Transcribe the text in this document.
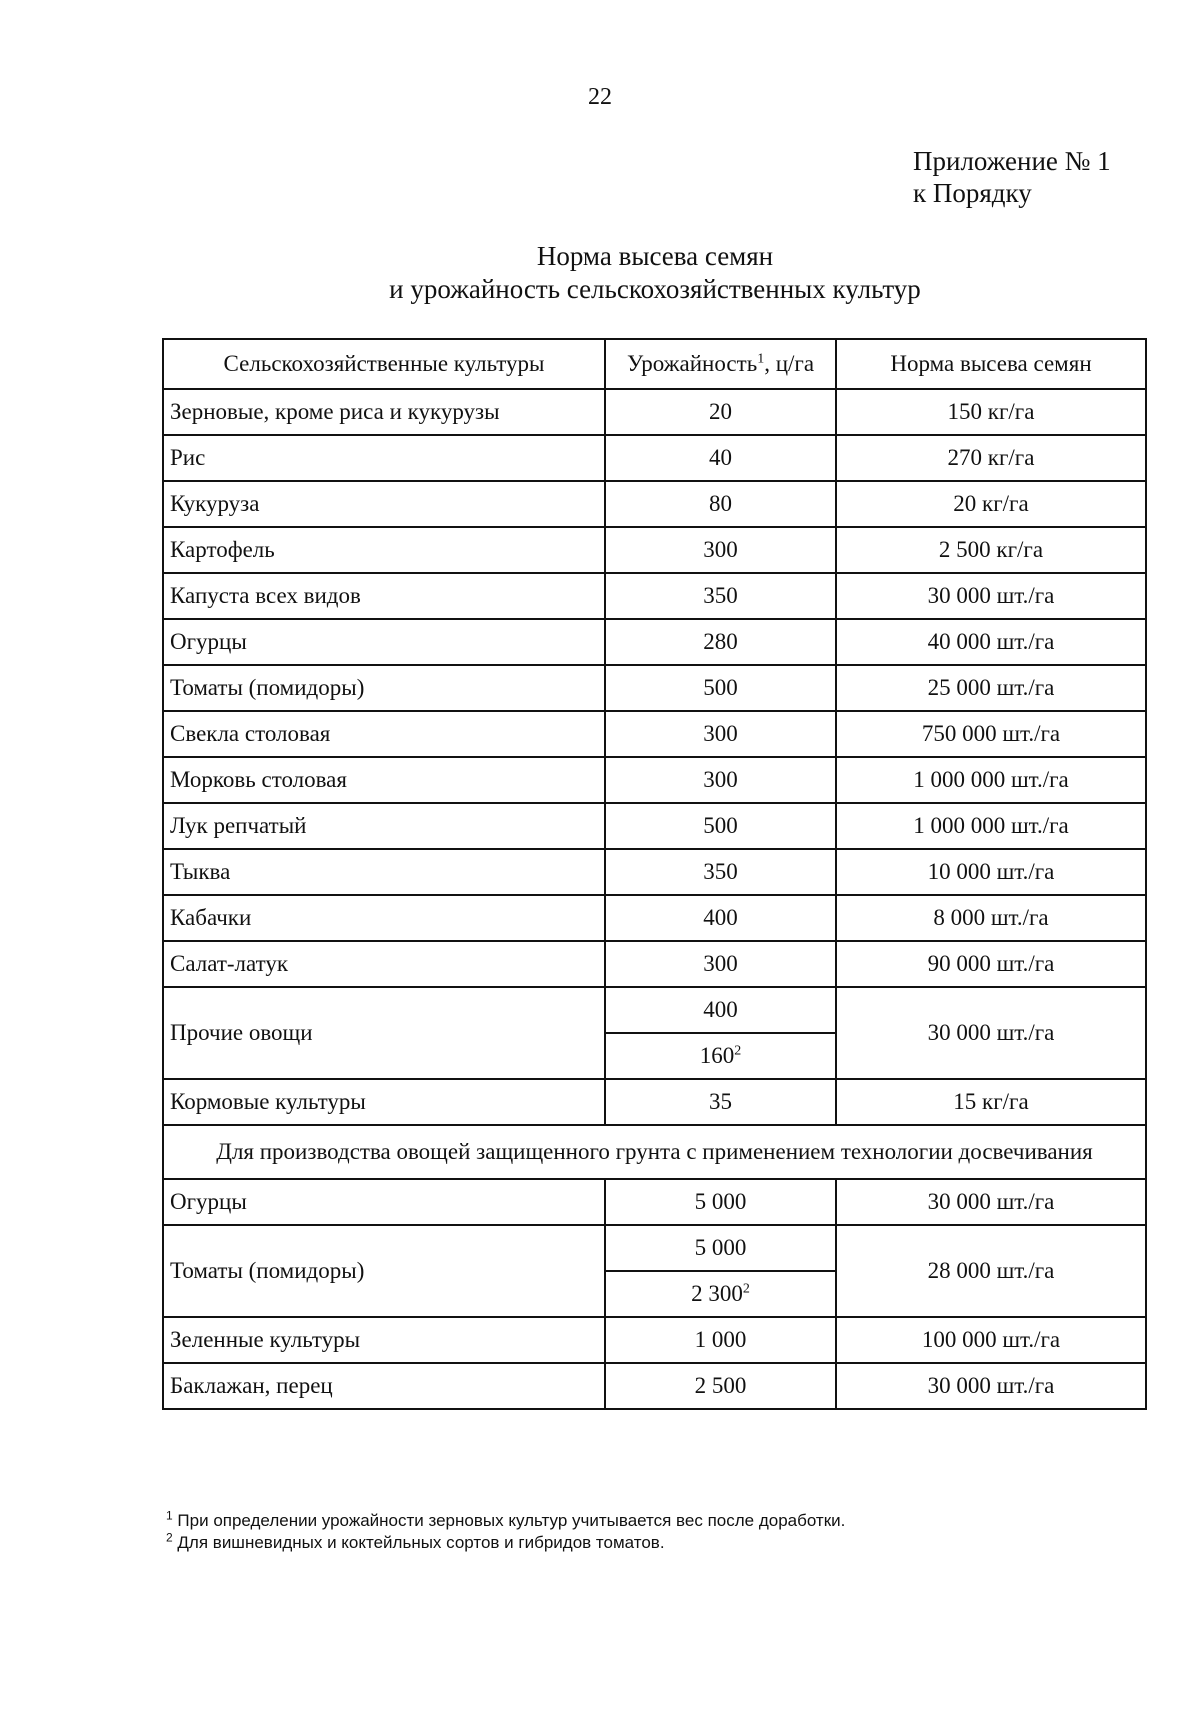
22
Приложение № 1
к Порядку
Норма высева семян
и урожайность сельскохозяйственных культур
Сельскохозяйственные культуры	Урожайность$^1$, ц/га	Норма высева семян
Зерновые, кроме риса и кукурузы	20	150 кг/га
Рис	40	270 кг/га
Кукуруза	80	20 кг/га
Картофель	300	2 500 кг/га
Капуста всех видов	350	30 000 шт./га
Огурцы	280	40 000 шт./га
Томаты (помидоры)	500	25 000 шт./га
Свекла столовая	300	750 000 шт./га
Морковь столовая	300	1 000 000 шт./га
Лук репчатый	500	1 000 000 шт./га
Тыква	350	10 000 шт./га
Кабачки	400	8 000 шт./га
Салат-латук	300	90 000 шт./га
Прочие овощи	400	30 000 шт./га
	$160^2$
Кормовые культуры	35	15 кг/га
Для производства овощей защищенного грунта с применением технологии досвечивания		
Огурцы	5 000	30 000 шт./га
Томаты (помидоры)	5 000	28 000 шт./га
	2 $300^2$
Зеленные культуры	1 000	100 000 шт./га
Баклажан, перец	2 500	30 000 шт./га
$^1$ При определении урожайности зерновых культур учитывается вес после доработки.
$^2$ Для вишневидных и коктейльных сортов и гибридов томатов.
